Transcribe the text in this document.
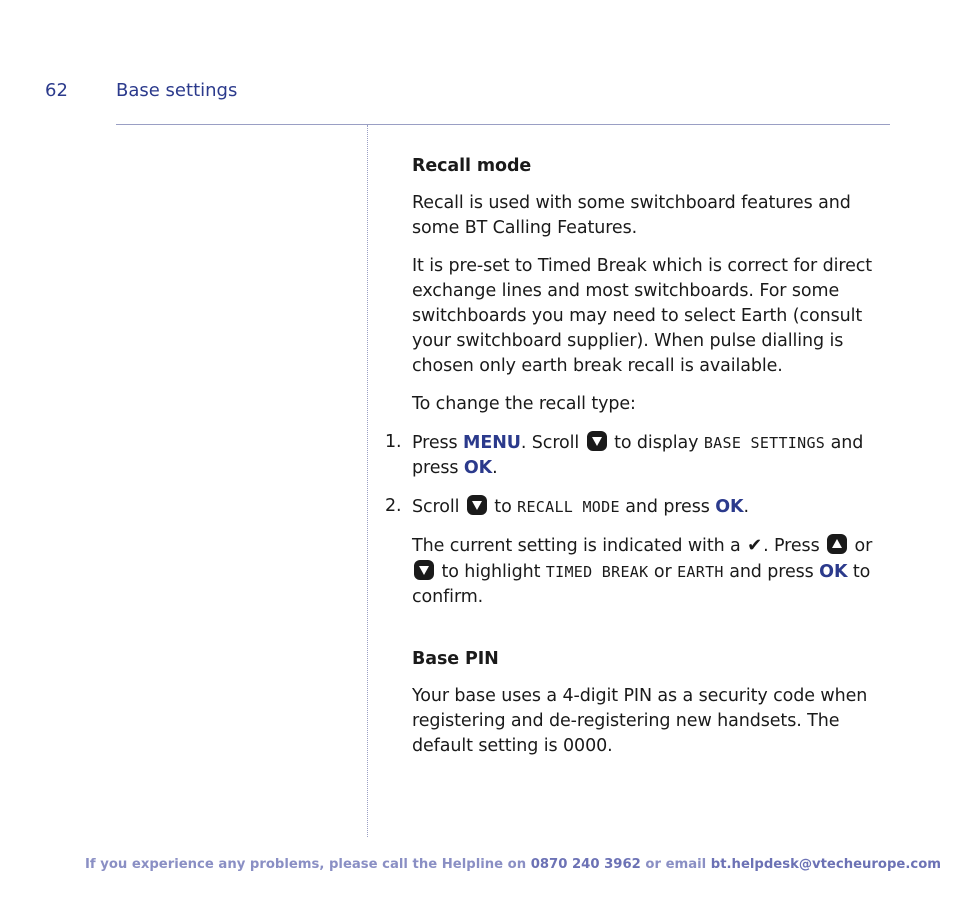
62	Base settings

Recall mode

Recall is used with some switchboard features and some BT Calling Features.

It is pre-set to Timed Break which is correct for direct exchange lines and most switchboards. For some switchboards you may need to select Earth (consult your switchboard supplier). When pulse dialling is chosen only earth break recall is available.

To change the recall type:

1. Press MENU. Scroll
to display BASE SETTINGS and press OK.
2. Scroll
to RECALL MODE and press OK.

The current setting is indicated with a ✔. Press
or
to highlight TIMED BREAK or EARTH and press OK to confirm.

Base PIN

Your base uses a 4-digit PIN as a security code when registering and de-registering new handsets. The default setting is 0000.

If you experience any problems, please call the Helpline on 0870 240 3962 or email bt.helpdesk@vtecheurope.com
